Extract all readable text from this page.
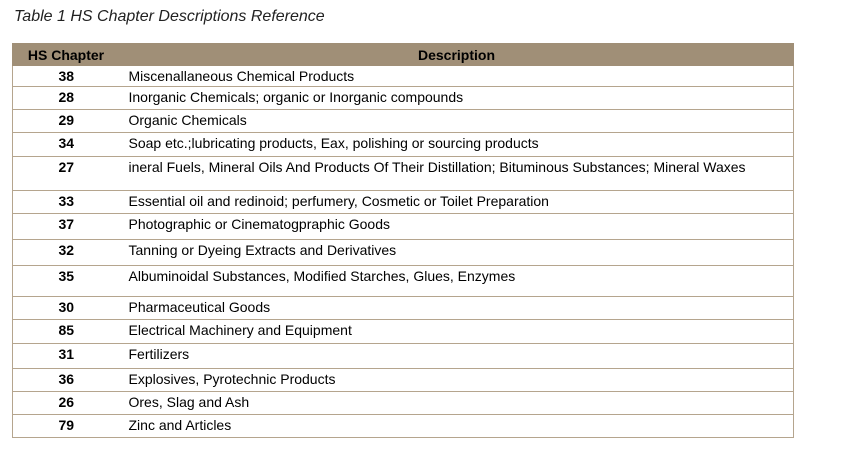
Table 1 HS Chapter Descriptions Reference
HS Chapter	Description
38	Miscenallaneous Chemical Products
28	Inorganic Chemicals; organic or Inorganic compounds
29	Organic Chemicals
34	Soap etc.;lubricating products, Eax, polishing or sourcing products
27	ineral Fuels, Mineral Oils And Products Of Their Distillation; Bituminous Substances; Mineral Waxes
33	Essential oil and redinoid; perfumery, Cosmetic or Toilet Preparation
37	Photographic or Cinematogpraphic Goods
32	Tanning or Dyeing Extracts and Derivatives
35	Albuminoidal Substances, Modified Starches, Glues, Enzymes
30	Pharmaceutical Goods
85	Electrical Machinery and Equipment
31	Fertilizers
36	Explosives, Pyrotechnic Products
26	Ores, Slag and Ash
79	Zinc and Articles
